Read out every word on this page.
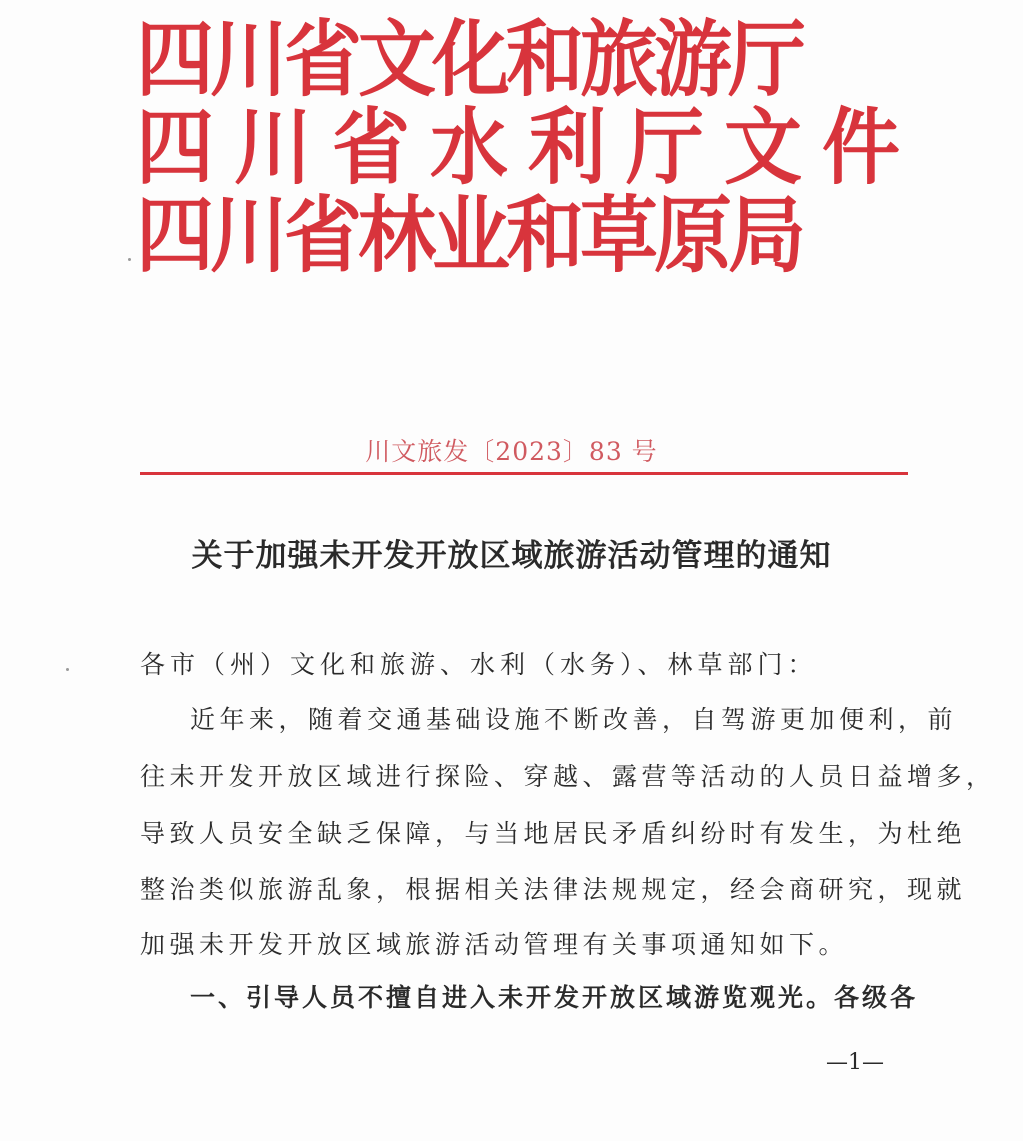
四川省文化和旅游厅
四川省水利厅文件
四川省林业和草原局
川文旅发〔2023〕83 号
关于加强未开发开放区域旅游活动管理的通知
各市（州）文化和旅游、水利（水务）、林草部门：
近年来，随着交通基础设施不断改善，自驾游更加便利，前
往未开发开放区域进行探险、穿越、露营等活动的人员日益增多，
导致人员安全缺乏保障，与当地居民矛盾纠纷时有发生，为杜绝
整治类似旅游乱象，根据相关法律法规规定，经会商研究，现就
加强未开发开放区域旅游活动管理有关事项通知如下。
一、引导人员不擅自进入未开发开放区域游览观光。各级各
—1—
